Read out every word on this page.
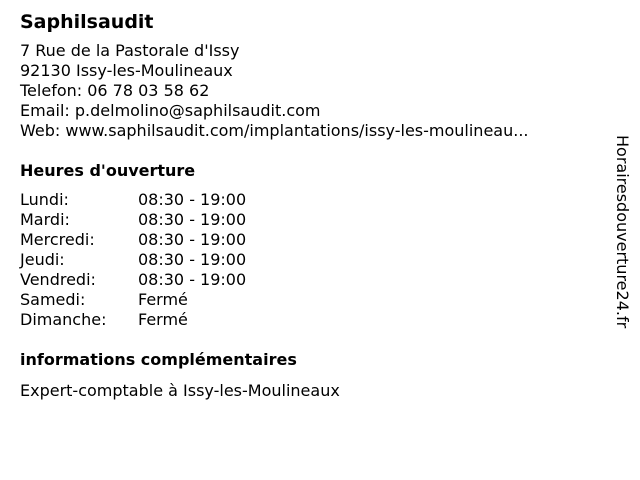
Saphilsaudit
7 Rue de la Pastorale d'Issy
92130 Issy-les-Moulineaux
Telefon: 06 78 03 58 62
Email: p.delmolino@saphilsaudit.com
Web: www.saphilsaudit.com/implantations/issy-les-moulineau...
Heures d'ouverture
Lundi:	08:30 - 19:00
Mardi:	08:30 - 19:00
Mercredi:	08:30 - 19:00
Jeudi:	08:30 - 19:00
Vendredi:	08:30 - 19:00
Samedi:	Fermé
Dimanche:	Fermé
informations complémentaires
Expert-comptable à Issy-les-Moulineaux
Horairesdouverture24.fr
